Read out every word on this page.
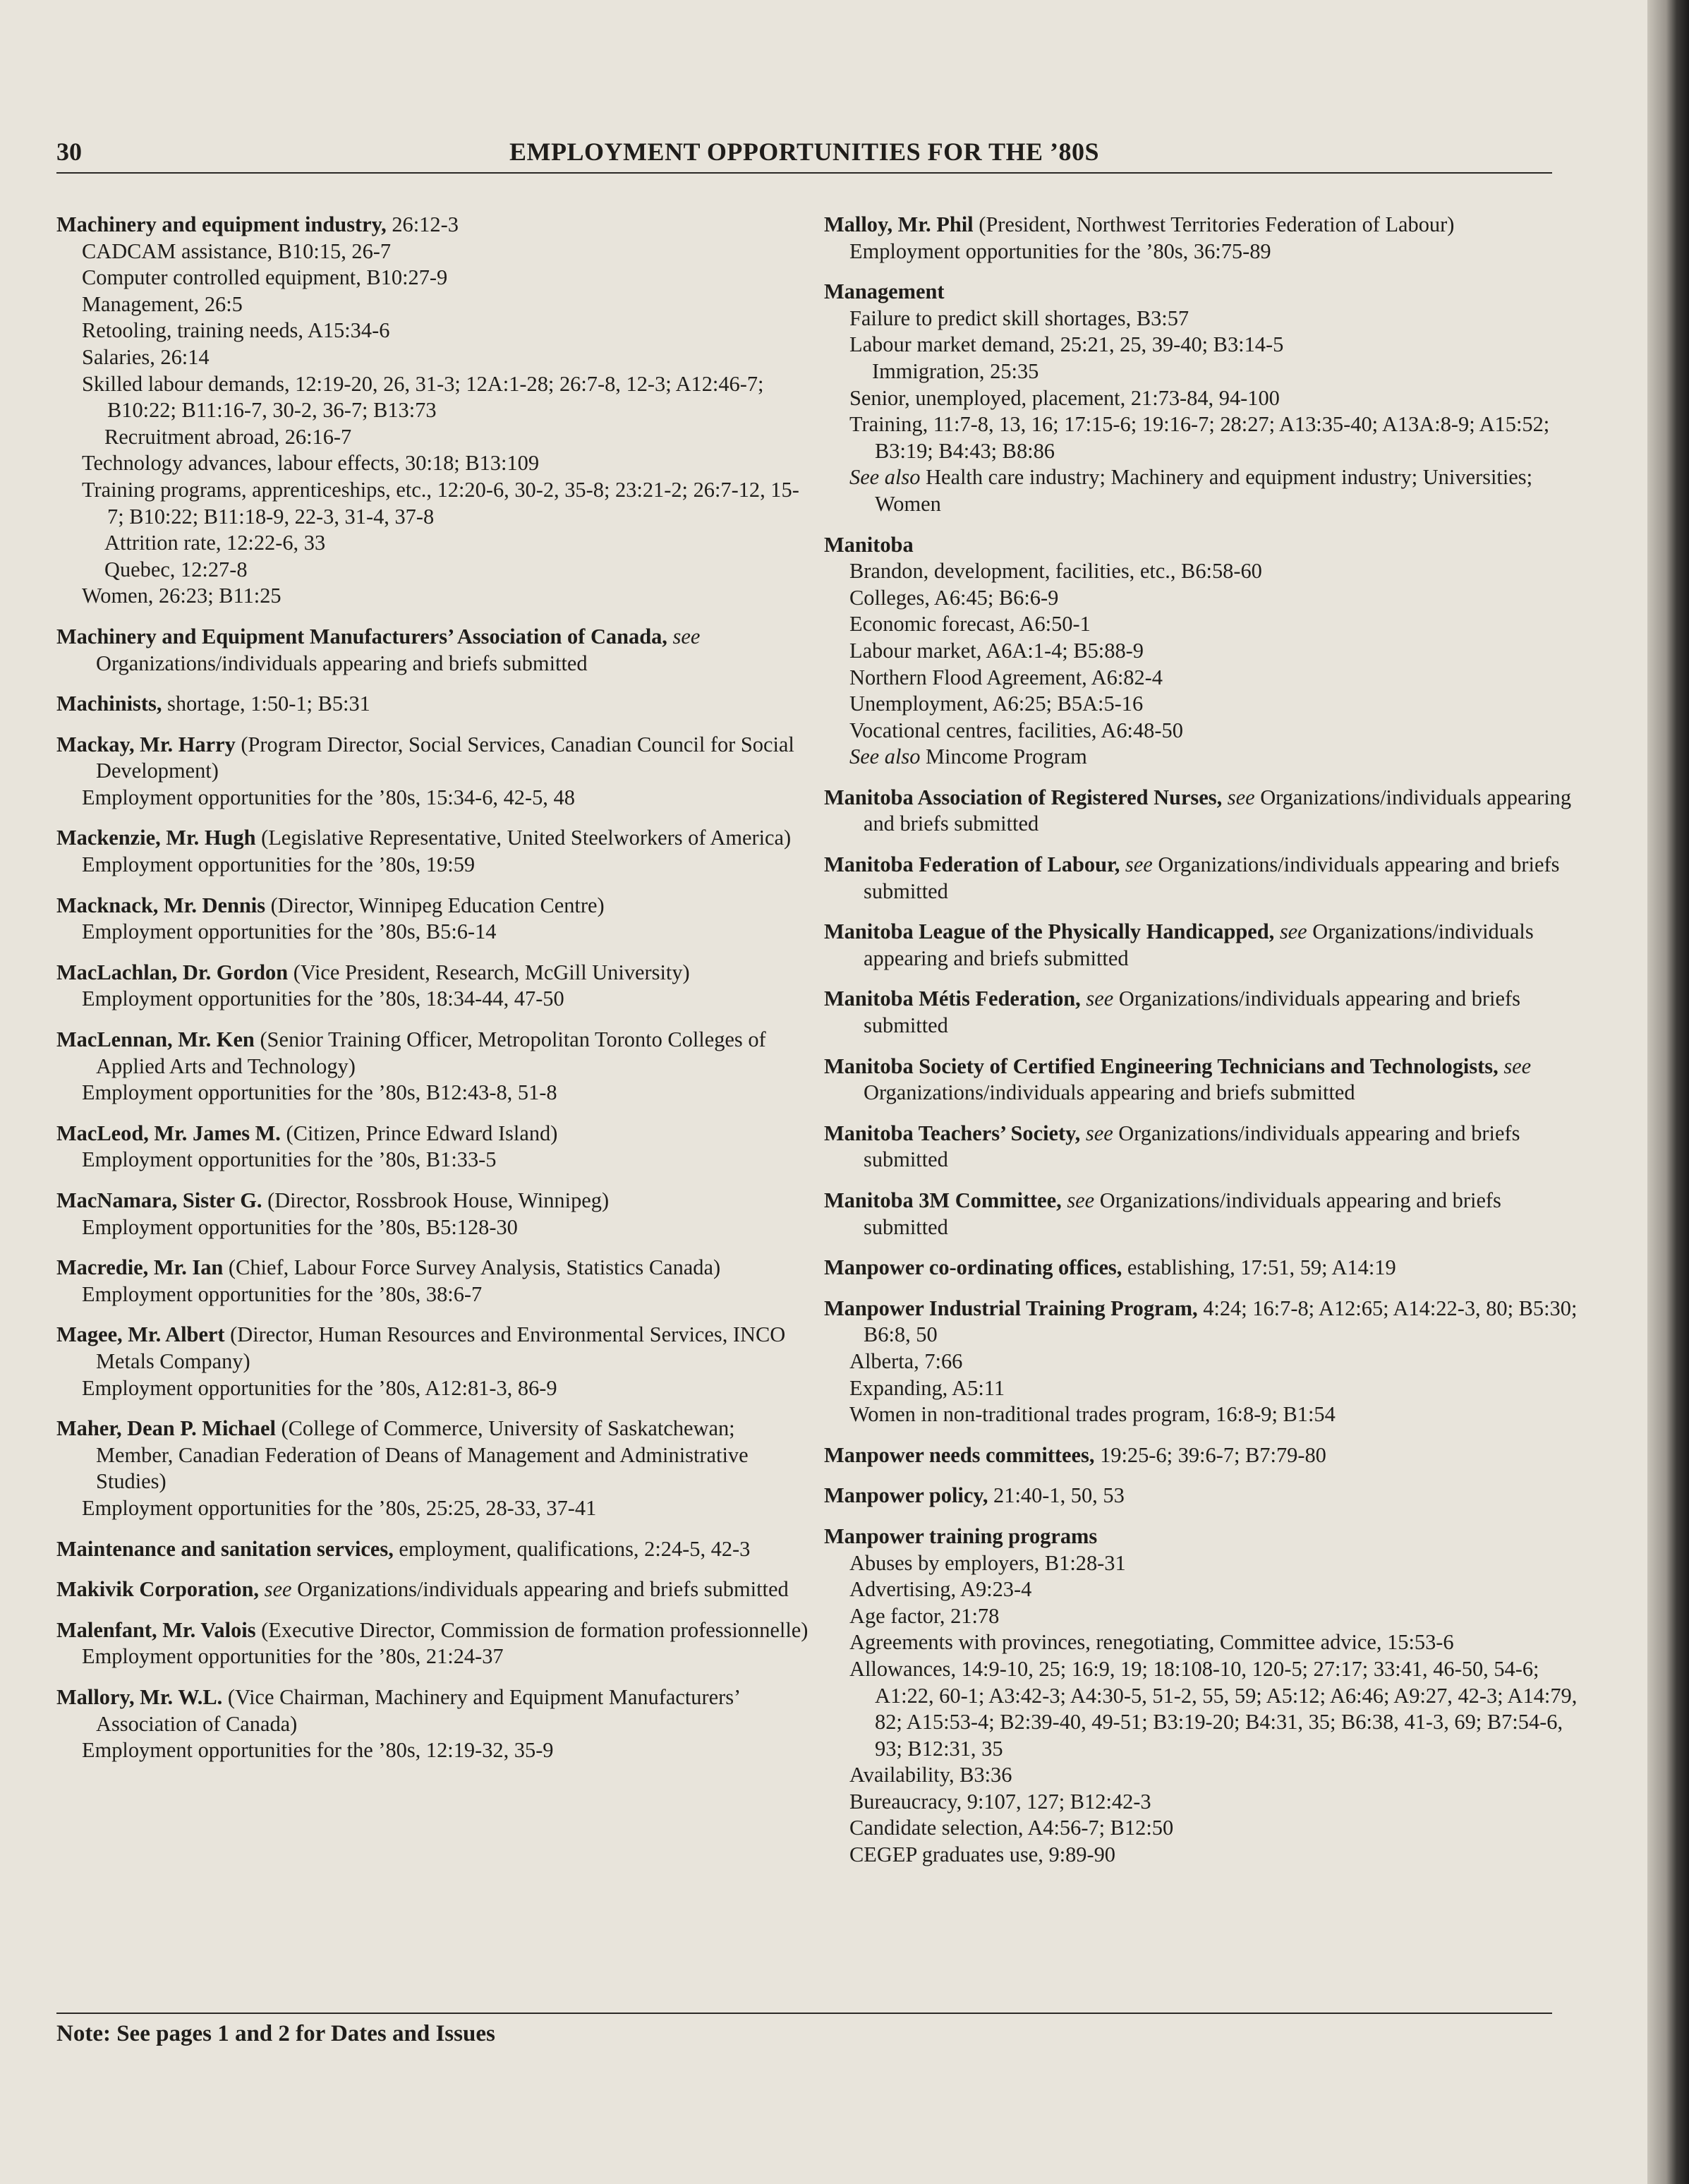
30	EMPLOYMENT OPPORTUNITIES FOR THE ’80S
Machinery and equipment industry, 26:12-3
CADCAM assistance, B10:15, 26-7
Computer controlled equipment, B10:27-9
Management, 26:5
Retooling, training needs, A15:34-6
Salaries, 26:14
Skilled labour demands, 12:19-20, 26, 31-3; 12A:1-28; 26:7-8, 12-3; A12:46-7; B10:22; B11:16-7, 30-2, 36-7; B13:73
Recruitment abroad, 26:16-7
Technology advances, labour effects, 30:18; B13:109
Training programs, apprenticeships, etc., 12:20-6, 30-2, 35-8; 23:21-2; 26:7-12, 15-7; B10:22; B11:18-9, 22-3, 31-4, 37-8
Attrition rate, 12:22-6, 33
Quebec, 12:27-8
Women, 26:23; B11:25
Machinery and Equipment Manufacturers’ Association of Canada, see Organizations/individuals appearing and briefs submitted
Machinists, shortage, 1:50-1; B5:31
Mackay, Mr. Harry (Program Director, Social Services, Canadian Council for Social Development)
Employment opportunities for the ’80s, 15:34-6, 42-5, 48
Mackenzie, Mr. Hugh (Legislative Representative, United Steelworkers of America)
Employment opportunities for the ’80s, 19:59
Macknack, Mr. Dennis (Director, Winnipeg Education Centre)
Employment opportunities for the ’80s, B5:6-14
MacLachlan, Dr. Gordon (Vice President, Research, McGill University)
Employment opportunities for the ’80s, 18:34-44, 47-50
MacLennan, Mr. Ken (Senior Training Officer, Metropolitan Toronto Colleges of Applied Arts and Technology)
Employment opportunities for the ’80s, B12:43-8, 51-8
MacLeod, Mr. James M. (Citizen, Prince Edward Island)
Employment opportunities for the ’80s, B1:33-5
MacNamara, Sister G. (Director, Rossbrook House, Winnipeg)
Employment opportunities for the ’80s, B5:128-30
Macredie, Mr. Ian (Chief, Labour Force Survey Analysis, Statistics Canada)
Employment opportunities for the ’80s, 38:6-7
Magee, Mr. Albert (Director, Human Resources and Environmental Services, INCO Metals Company)
Employment opportunities for the ’80s, A12:81-3, 86-9
Maher, Dean P. Michael (College of Commerce, University of Saskatchewan; Member, Canadian Federation of Deans of Management and Administrative Studies)
Employment opportunities for the ’80s, 25:25, 28-33, 37-41
Maintenance and sanitation services, employment, qualifications, 2:24-5, 42-3
Makivik Corporation, see Organizations/individuals appearing and briefs submitted
Malenfant, Mr. Valois (Executive Director, Commission de formation professionnelle)
Employment opportunities for the ’80s, 21:24-37
Mallory, Mr. W.L. (Vice Chairman, Machinery and Equipment Manufacturers’ Association of Canada)
Employment opportunities for the ’80s, 12:19-32, 35-9
Malloy, Mr. Phil (President, Northwest Territories Federation of Labour)
Employment opportunities for the ’80s, 36:75-89
Management
Failure to predict skill shortages, B3:57
Labour market demand, 25:21, 25, 39-40; B3:14-5
Immigration, 25:35
Senior, unemployed, placement, 21:73-84, 94-100
Training, 11:7-8, 13, 16; 17:15-6; 19:16-7; 28:27; A13:35-40; A13A:8-9; A15:52; B3:19; B4:43; B8:86
See also Health care industry; Machinery and equipment industry; Universities; Women
Manitoba
Brandon, development, facilities, etc., B6:58-60
Colleges, A6:45; B6:6-9
Economic forecast, A6:50-1
Labour market, A6A:1-4; B5:88-9
Northern Flood Agreement, A6:82-4
Unemployment, A6:25; B5A:5-16
Vocational centres, facilities, A6:48-50
See also Mincome Program
Manitoba Association of Registered Nurses, see Organizations/individuals appearing and briefs submitted
Manitoba Federation of Labour, see Organizations/individuals appearing and briefs submitted
Manitoba League of the Physically Handicapped, see Organizations/individuals appearing and briefs submitted
Manitoba Métis Federation, see Organizations/individuals appearing and briefs submitted
Manitoba Society of Certified Engineering Technicians and Technologists, see Organizations/individuals appearing and briefs submitted
Manitoba Teachers’ Society, see Organizations/individuals appearing and briefs submitted
Manitoba 3M Committee, see Organizations/individuals appearing and briefs submitted
Manpower co-ordinating offices, establishing, 17:51, 59; A14:19
Manpower Industrial Training Program, 4:24; 16:7-8; A12:65; A14:22-3, 80; B5:30; B6:8, 50
Alberta, 7:66
Expanding, A5:11
Women in non-traditional trades program, 16:8-9; B1:54
Manpower needs committees, 19:25-6; 39:6-7; B7:79-80
Manpower policy, 21:40-1, 50, 53
Manpower training programs
Abuses by employers, B1:28-31
Advertising, A9:23-4
Age factor, 21:78
Agreements with provinces, renegotiating, Committee advice, 15:53-6
Allowances, 14:9-10, 25; 16:9, 19; 18:108-10, 120-5; 27:17; 33:41, 46-50, 54-6; A1:22, 60-1; A3:42-3; A4:30-5, 51-2, 55, 59; A5:12; A6:46; A9:27, 42-3; A14:79, 82; A15:53-4; B2:39-40, 49-51; B3:19-20; B4:31, 35; B6:38, 41-3, 69; B7:54-6, 93; B12:31, 35
Availability, B3:36
Bureaucracy, 9:107, 127; B12:42-3
Candidate selection, A4:56-7; B12:50
CEGEP graduates use, 9:89-90
Note: See pages 1 and 2 for Dates and Issues
